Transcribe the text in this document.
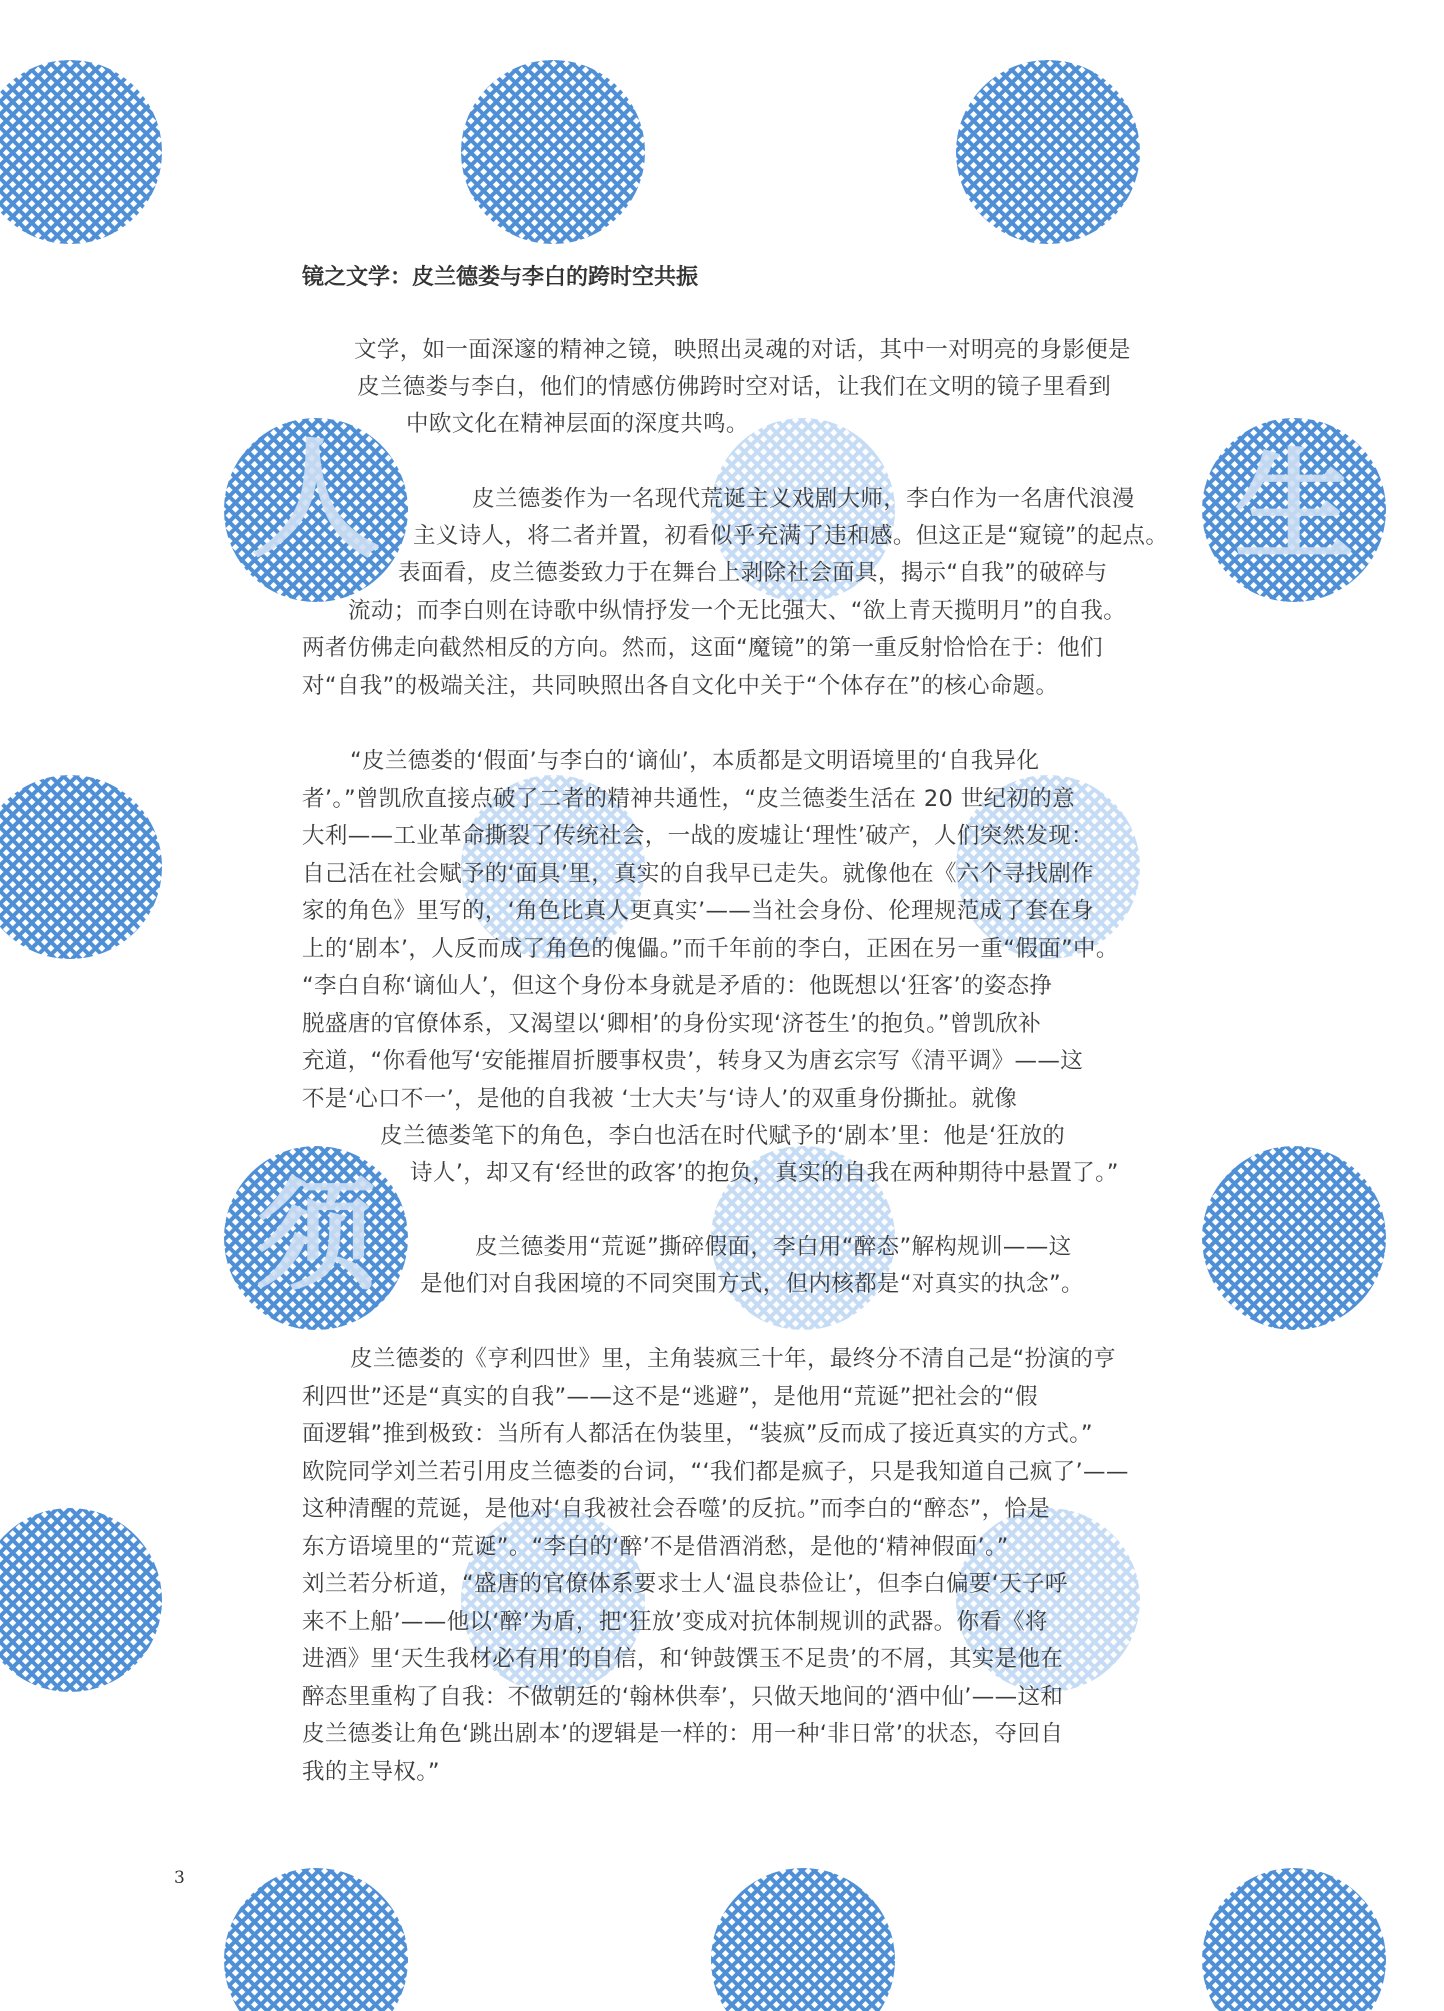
人	生
须
镜之文学：皮兰德娄与李白的跨时空共振

文学，如一面深邃的精神之镜，映照出灵魂的对话，其中一对明亮的身影便是

皮兰德娄与李白，他们的情感仿佛跨时空对话，让我们在文明的镜子里看到

中欧文化在精神层面的深度共鸣。

皮兰德娄作为一名现代荒诞主义戏剧大师，李白作为一名唐代浪漫

主义诗人，将二者并置，初看似乎充满了违和感。但这正是“窥镜”的起点。

表面看，皮兰德娄致力于在舞台上剥除社会面具，揭示“自我”的破碎与

流动；而李白则在诗歌中纵情抒发一个无比强大、“欲上青天揽明月”的自我。

两者仿佛走向截然相反的方向。然而，这面“魔镜”的第一重反射恰恰在于：他们

对“自我”的极端关注，共同映照出各自文化中关于“个体存在”的核心命题。

“皮兰德娄的‘假面’与李白的‘谪仙’，本质都是文明语境里的‘自我异化

者’。”曾凯欣直接点破了二者的精神共通性，“皮兰德娄生活在 20 世纪初的意

大利——工业革命撕裂了传统社会，一战的废墟让‘理性’破产，人们突然发现：

自己活在社会赋予的‘面具’里，真实的自我早已走失。就像他在《六个寻找剧作

家的角色》里写的，‘角色比真人更真实’——当社会身份、伦理规范成了套在身

上的‘剧本’，人反而成了角色的傀儡。”而千年前的李白，正困在另一重“假面”中。

“李白自称‘谪仙人’，但这个身份本身就是矛盾的：他既想以‘狂客’的姿态挣

脱盛唐的官僚体系，又渴望以‘卿相’的身份实现‘济苍生’的抱负。”曾凯欣补

充道，“你看他写‘安能摧眉折腰事权贵’，转身又为唐玄宗写《清平调》——这

不是‘心口不一’，是他的自我被 ‘士大夫’与‘诗人’的双重身份撕扯。就像

皮兰德娄笔下的角色，李白也活在时代赋予的‘剧本’里：他是‘狂放的

诗人’，却又有‘经世的政客’的抱负，真实的自我在两种期待中悬置了。”

皮兰德娄用“荒诞”撕碎假面，李白用“醉态”解构规训——这

是他们对自我困境的不同突围方式，但内核都是“对真实的执念”。

皮兰德娄的《亨利四世》里，主角装疯三十年，最终分不清自己是“扮演的亨

利四世”还是“真实的自我”——这不是“逃避”，是他用“荒诞”把社会的“假

面逻辑”推到极致：当所有人都活在伪装里，“装疯”反而成了接近真实的方式。”

欧院同学刘兰若引用皮兰德娄的台词，“‘我们都是疯子，只是我知道自己疯了’——

这种清醒的荒诞，是他对‘自我被社会吞噬’的反抗。”而李白的“醉态”，恰是

东方语境里的“荒诞”。“李白的‘醉’不是借酒消愁，是他的‘精神假面’。”

刘兰若分析道，“盛唐的官僚体系要求士人‘温良恭俭让’，但李白偏要‘天子呼

来不上船’——他以‘醉’为盾，把‘狂放’变成对抗体制规训的武器。你看《将

进酒》里‘天生我材必有用’的自信，和‘钟鼓馔玉不足贵’的不屑，其实是他在

醉态里重构了自我：不做朝廷的‘翰林供奉’，只做天地间的‘酒中仙’——这和

皮兰德娄让角色‘跳出剧本’的逻辑是一样的：用一种‘非日常’的状态，夺回自

我的主导权。”

3
